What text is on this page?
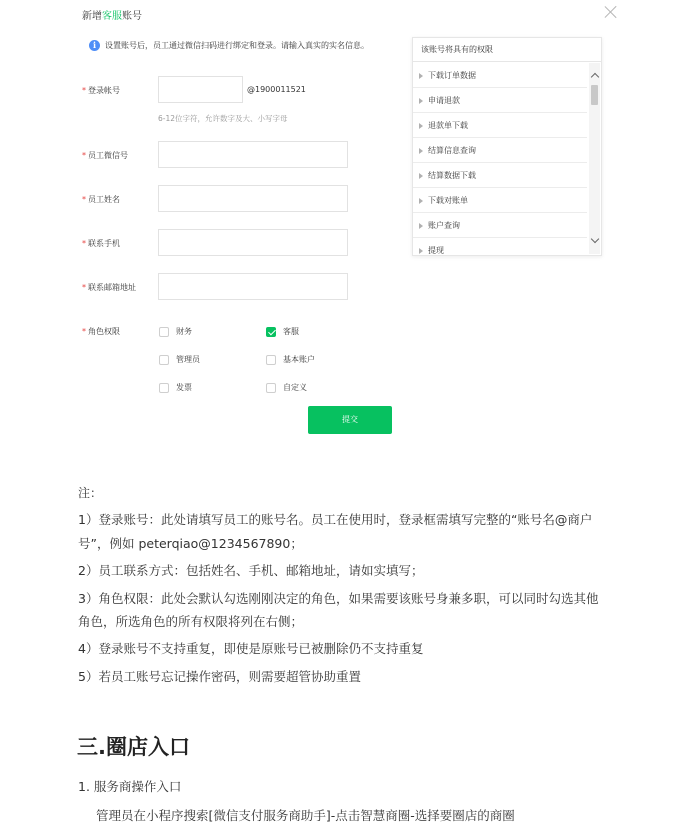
新增客服账号
i	设置账号后，员工通过微信扫码进行绑定和登录。请输入真实的实名信息。
* 登录帐号	@1900011521
6-12位字符，允许数字及大、小写字母
* 员工微信号
* 员工姓名
* 联系手机
* 联系邮箱地址
* 角色权限	财务	客服
管理员	基本账户
发票	自定义
提交
该账号将具有的权限
下载订单数据
申请退款
退款单下载
结算信息查询
结算数据下载
下载对账单
账户查询
提现
注：
1）登录账号：此处请填写员工的账号名。员工在使用时，登录框需填写完整的“账号名@商户
号”，例如 peterqiao@1234567890；
2）员工联系方式：包括姓名、手机、邮箱地址，请如实填写；
3）角色权限：此处会默认勾选刚刚决定的角色，如果需要该账号身兼多职，可以同时勾选其他
角色，所选角色的所有权限将列在右侧；
4）登录账号不支持重复，即使是原账号已被删除仍不支持重复
5）若员工账号忘记操作密码，则需要超管协助重置
三.圈店入口
1. 服务商操作入口
管理员在小程序搜索[微信支付服务商助手]-点击智慧商圈-选择要圈店的商圈
